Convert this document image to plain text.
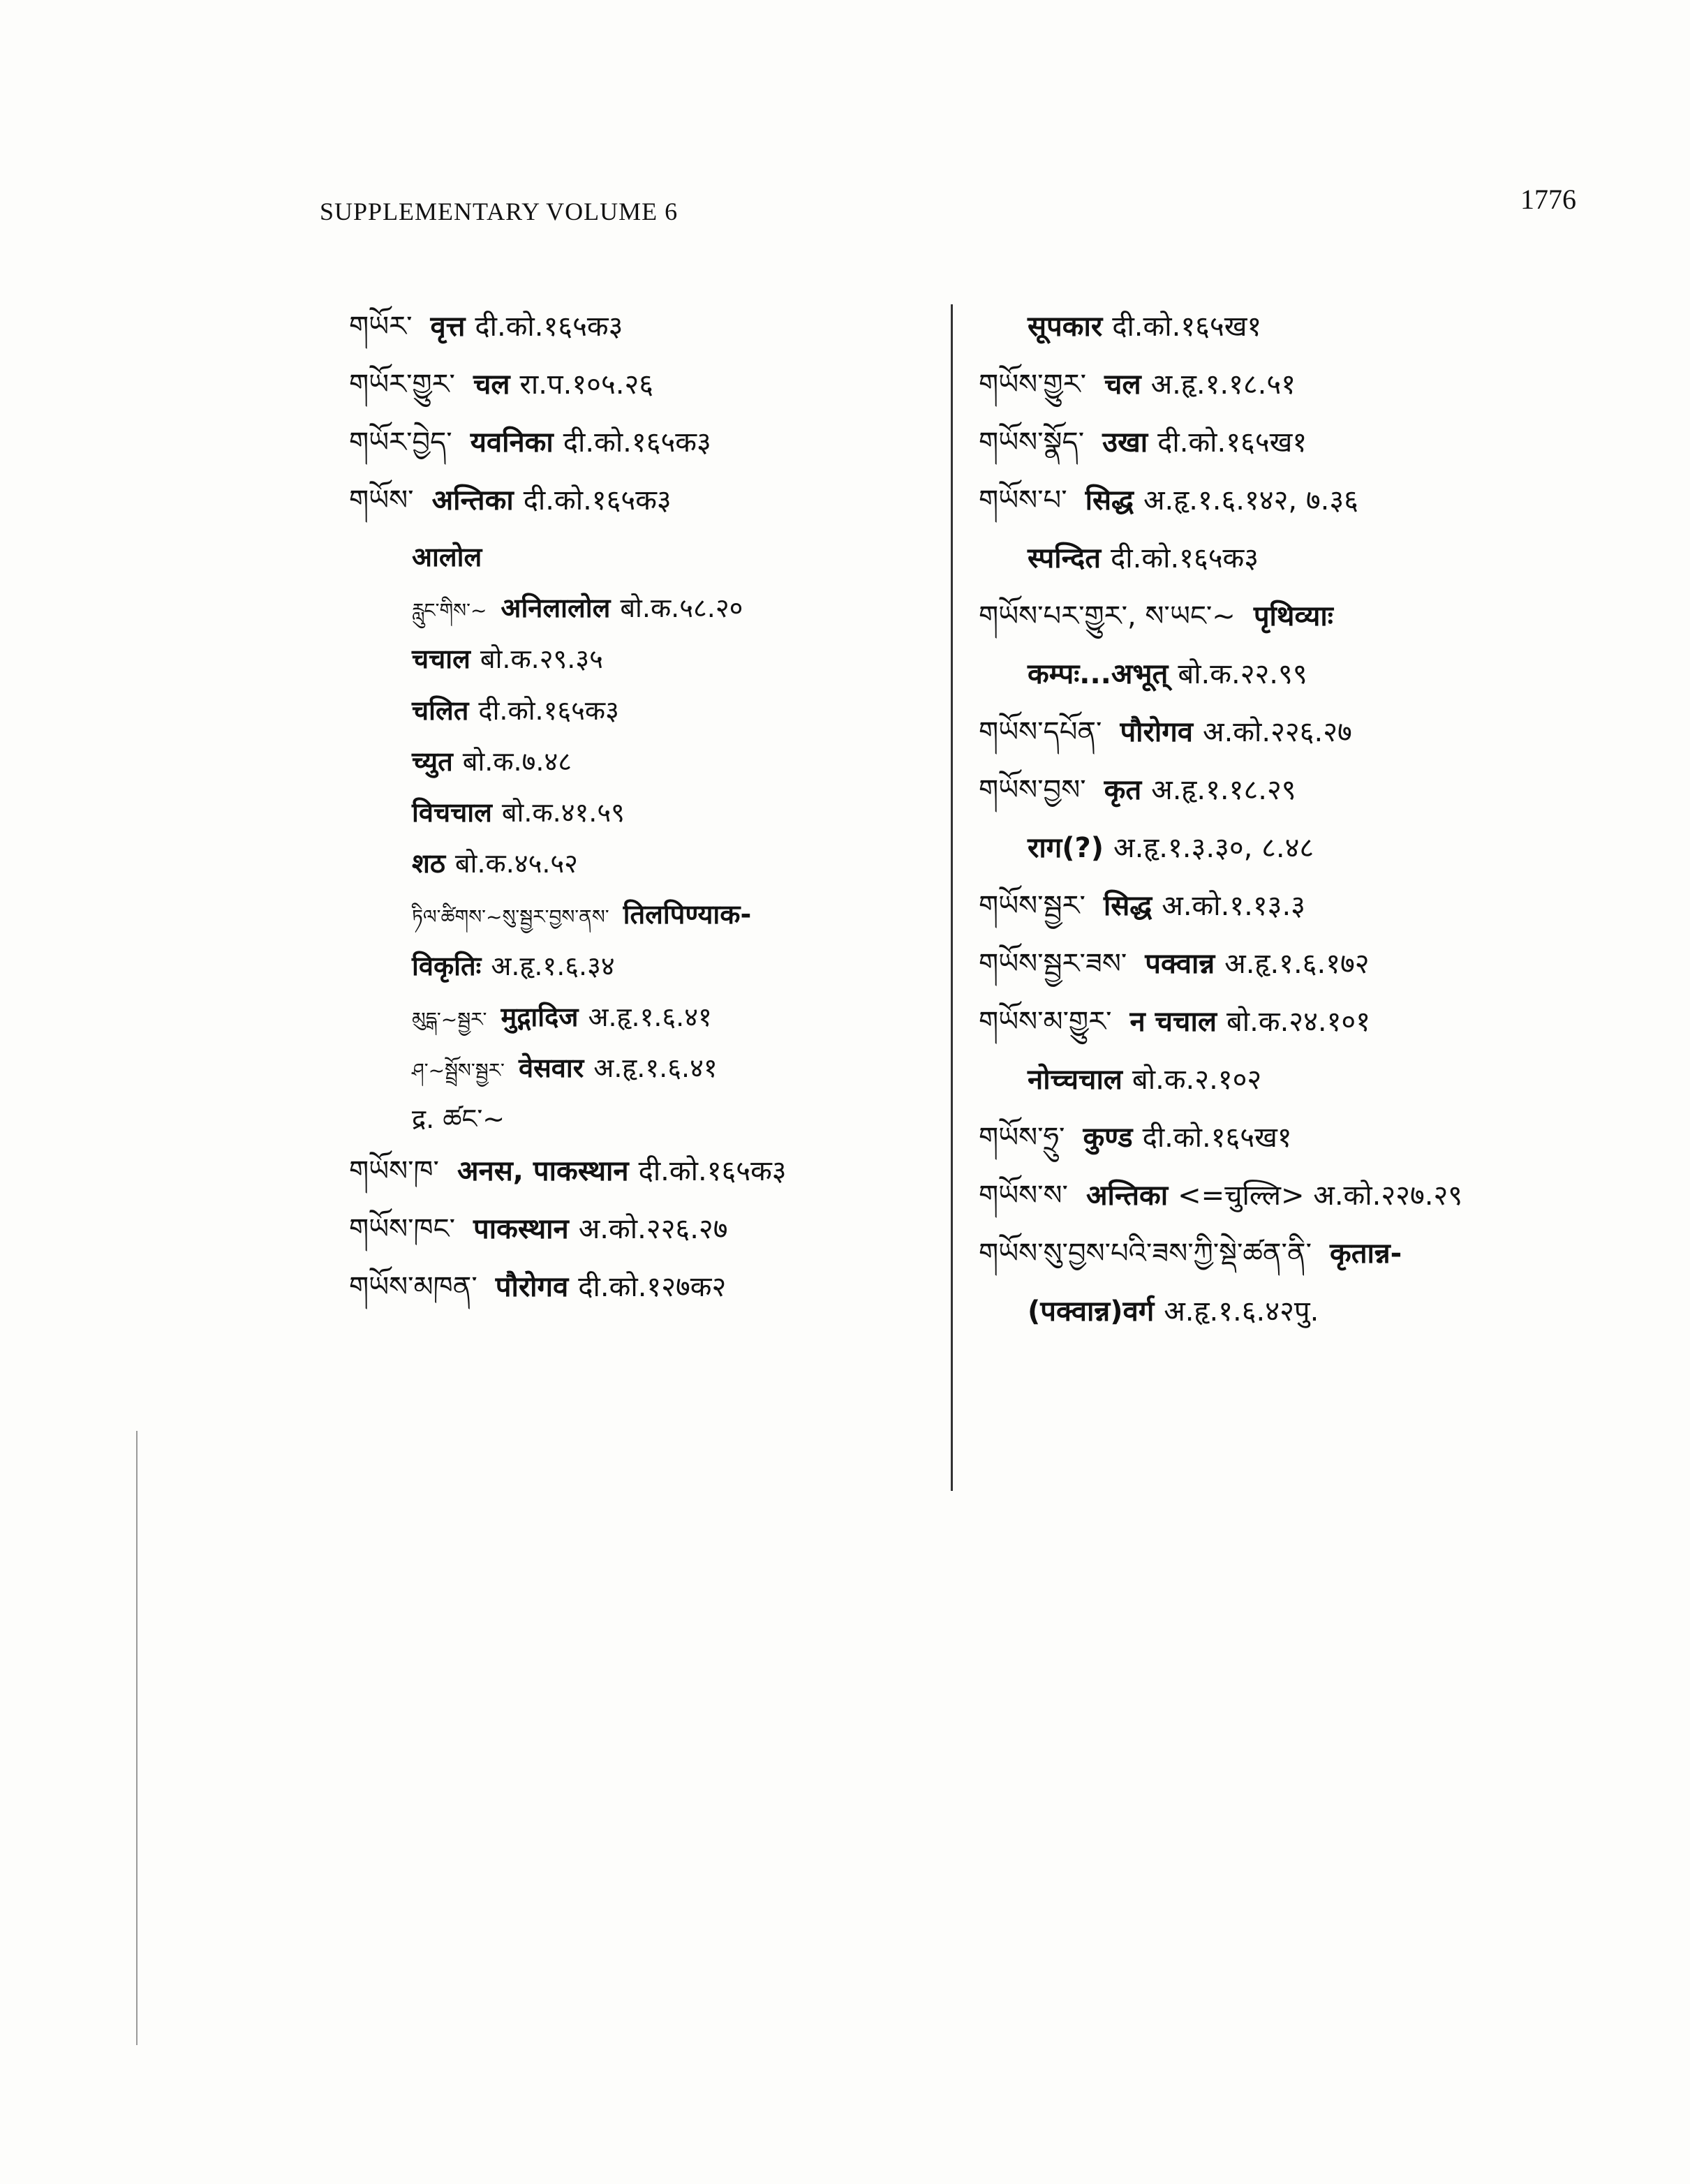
SUPPLEMENTARY VOLUME 6	1776
གཡོར་ वृत्त दी.को.१६५क३
གཡོར་གྱུར་ चल रा.प.१०५.२६
གཡོར་བྱེད་ यवनिका दी.को.१६५क३
གཡོས་ अन्तिका दी.को.१६५क३
आलोल
རླུང་གིས་~ अनिलालोल बो.क.५८.२०
चचाल बो.क.२९.३५
चलित दी.को.१६५क३
च्युत बो.क.७.४८
विचचाल बो.क.४१.५९
शठ बो.क.४५.५२
ཏིལ་ཚིགས་~སུ་སྦྱར་བྱས་ནས་ तिलपिण्याक-
विकृतिः अ.हृ.१.६.३४
མུདྒ་~སྦྱར་ मुद्गादिज अ.हृ.१.६.४१
ཤ་~སྦྲོས་སྦྱར་ वेसवार अ.हृ.१.६.४१
द्र. ཚང་~
གཡོས་ཁ་ अनस, पाकस्थान दी.को.१६५क३
གཡོས་ཁང་ पाकस्थान अ.को.२२६.२७
གཡོས་མཁན་ पौरोगव दी.को.१२७क२
सूपकार दी.को.१६५ख१
གཡོས་གྱུར་ चल अ.हृ.१.१८.५१
གཡོས་སྣོད་ उखा दी.को.१६५ख१
གཡོས་པ་ सिद्ध अ.हृ.१.६.१४२, ७.३६
स्पन्दित दी.को.१६५क३
གཡོས་པར་གྱུར་, ས་ཡང་~ पृथिव्याः
कम्पः...अभूत् बो.क.२२.९९
གཡོས་དཔོན་ पौरोगव अ.को.२२६.२७
གཡོས་བྱས་ कृत अ.हृ.१.१८.२९
राग(?) अ.हृ.१.३.३०, ८.४८
གཡོས་སྦྱར་ सिद्ध अ.को.१.१३.३
གཡོས་སྦྱར་ཟས་ पक्वान्न अ.हृ.१.६.१७२
གཡོས་མ་གྱུར་ न चचाल बो.क.२४.१०१
नोच्चचाल बो.क.२.१०२
གཡོས་ཧྲུ་ कुण्ड दी.को.१६५ख१
གཡོས་ས་ अन्तिका <=चुल्लि> अ.को.२२७.२९
གཡོས་སུ་བྱས་པའི་ཟས་ཀྱི་སྡེ་ཚན་ནི་ कृतान्न-
(पक्वान्न)वर्ग अ.हृ.१.६.४२पु.
